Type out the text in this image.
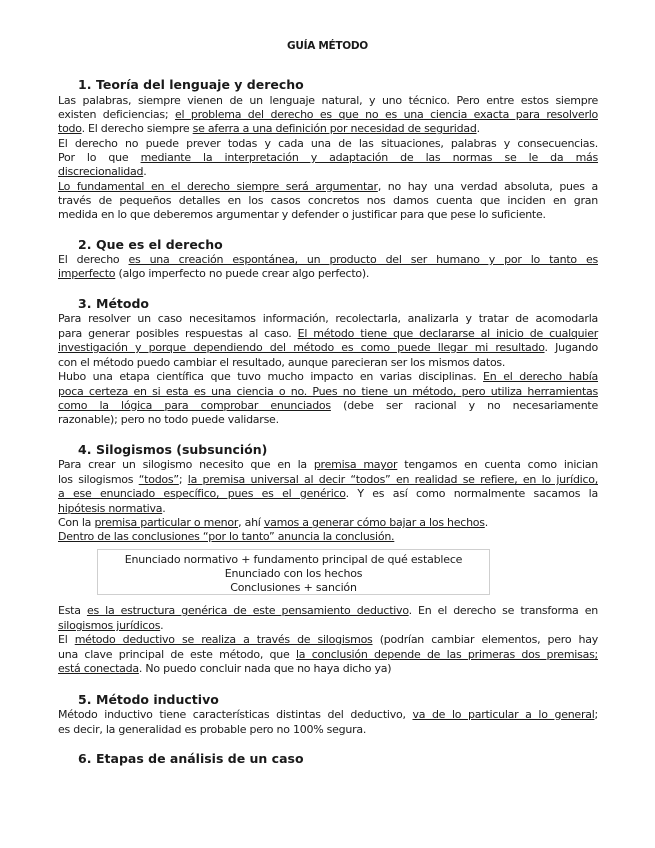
GUÍA MÉTODO
1. Teoría del lenguaje y derecho
Las palabras, siempre vienen de un lenguaje natural, y uno técnico. Pero entre estos siempre
existen deficiencias; el problema del derecho es que no es una ciencia exacta para resolverlo
todo. El derecho siempre se aferra a una definición por necesidad de seguridad.
El derecho no puede prever todas y cada una de las situaciones, palabras y consecuencias.
Por lo que mediante la interpretación y adaptación de las normas se le da más
discrecionalidad.
Lo fundamental en el derecho siempre será argumentar, no hay una verdad absoluta, pues a
través de pequeños detalles en los casos concretos nos damos cuenta que inciden en gran
medida en lo que deberemos argumentar y defender o justificar para que pese lo suficiente.
2. Que es el derecho
El derecho es una creación espontánea, un producto del ser humano y por lo tanto es
imperfecto (algo imperfecto no puede crear algo perfecto).
3. Método
Para resolver un caso necesitamos información, recolectarla, analizarla y tratar de acomodarla
para generar posibles respuestas al caso. El método tiene que declararse al inicio de cualquier
investigación y porque dependiendo del método es como puede llegar mi resultado. Jugando
con el método puedo cambiar el resultado, aunque parecieran ser los mismos datos.
Hubo una etapa científica que tuvo mucho impacto en varias disciplinas. En el derecho había
poca certeza en si esta es una ciencia o no. Pues no tiene un método, pero utiliza herramientas
como la lógica para comprobar enunciados (debe ser racional y no necesariamente
razonable); pero no todo puede validarse.
4. Silogismos (subsunción)
Para crear un silogismo necesito que en la premisa mayor tengamos en cuenta como inician
los silogismos “todos”; la premisa universal al decir “todos” en realidad se refiere, en lo jurídico,
a ese enunciado específico, pues es el genérico. Y es así como normalmente sacamos la
hipótesis normativa.
Con la premisa particular o menor, ahí vamos a generar cómo bajar a los hechos.
Dentro de las conclusiones “por lo tanto” anuncia la conclusión.
Enunciado normativo + fundamento principal de qué establece
Enunciado con los hechos
Conclusiones + sanción
Esta es la estructura genérica de este pensamiento deductivo. En el derecho se transforma en
silogismos jurídicos.
El método deductivo se realiza a través de silogismos (podrían cambiar elementos, pero hay
una clave principal de este método, que la conclusión depende de las primeras dos premisas;
está conectada. No puedo concluir nada que no haya dicho ya)
5. Método inductivo
Método inductivo tiene características distintas del deductivo, va de lo particular a lo general;
es decir, la generalidad es probable pero no 100% segura.
6. Etapas de análisis de un caso
